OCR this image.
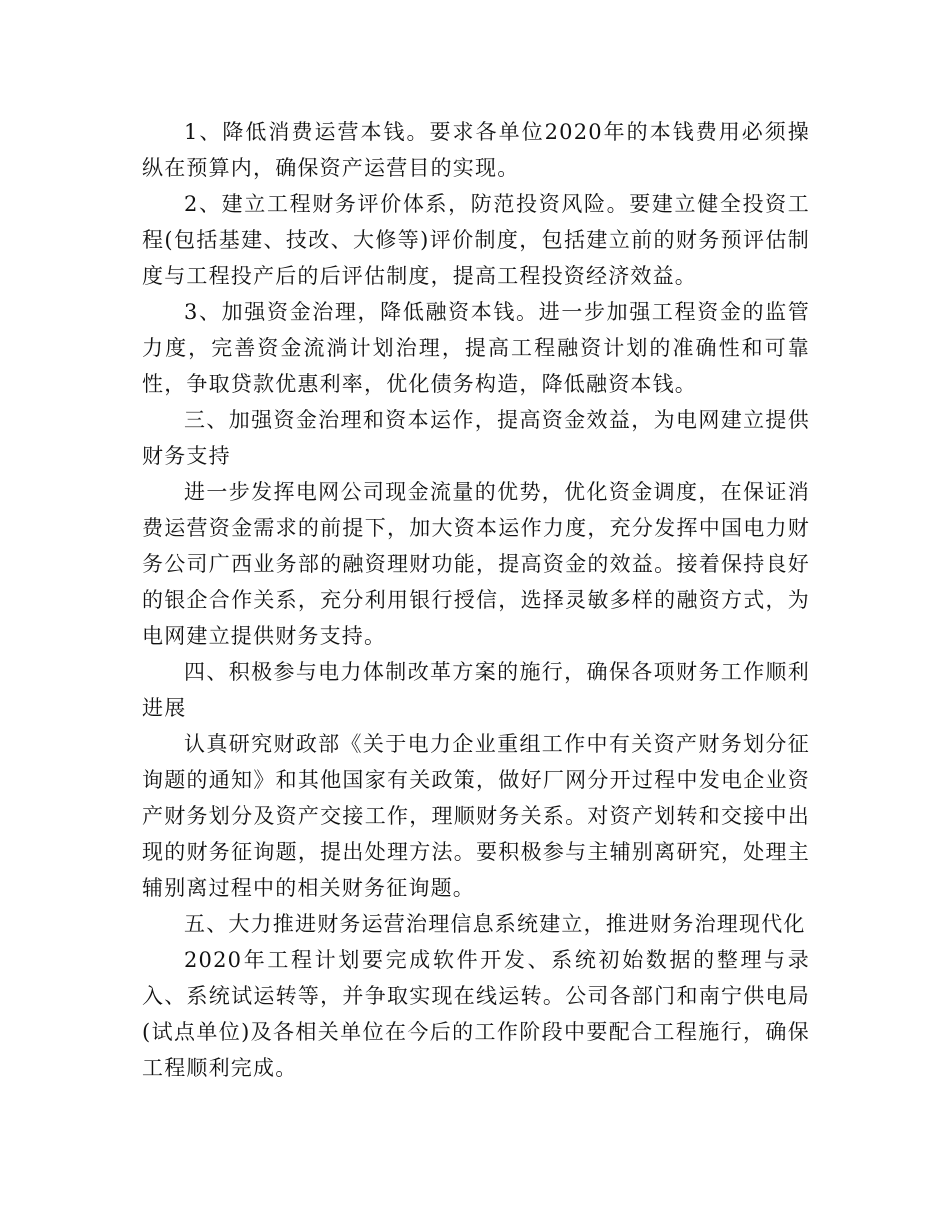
1、降低消费运营本钱。要求各单位2020年的本钱费用必须操纵在预算内，确保资产运营目的实现。

2、建立工程财务评价体系，防范投资风险。要建立健全投资工程(包括基建、技改、大修等)评价制度，包括建立前的财务预评估制度与工程投产后的后评估制度，提高工程投资经济效益。

3、加强资金治理，降低融资本钱。进一步加强工程资金的监管力度，完善资金流淌计划治理，提高工程融资计划的准确性和可靠性，争取贷款优惠利率，优化债务构造，降低融资本钱。

三、加强资金治理和资本运作，提高资金效益，为电网建立提供财务支持

进一步发挥电网公司现金流量的优势，优化资金调度，在保证消费运营资金需求的前提下，加大资本运作力度，充分发挥中国电力财务公司广西业务部的融资理财功能，提高资金的效益。接着保持良好的银企合作关系，充分利用银行授信，选择灵敏多样的融资方式，为电网建立提供财务支持。

四、积极参与电力体制改革方案的施行，确保各项财务工作顺利进展

认真研究财政部《关于电力企业重组工作中有关资产财务划分征询题的通知》和其他国家有关政策，做好厂网分开过程中发电企业资产财务划分及资产交接工作，理顺财务关系。对资产划转和交接中出现的财务征询题，提出处理方法。要积极参与主辅别离研究，处理主辅别离过程中的相关财务征询题。

五、大力推进财务运营治理信息系统建立，推进财务治理现代化

2020年工程计划要完成软件开发、系统初始数据的整理与录入、系统试运转等，并争取实现在线运转。公司各部门和南宁供电局(试点单位)及各相关单位在今后的工作阶段中要配合工程施行，确保工程顺利完成。
